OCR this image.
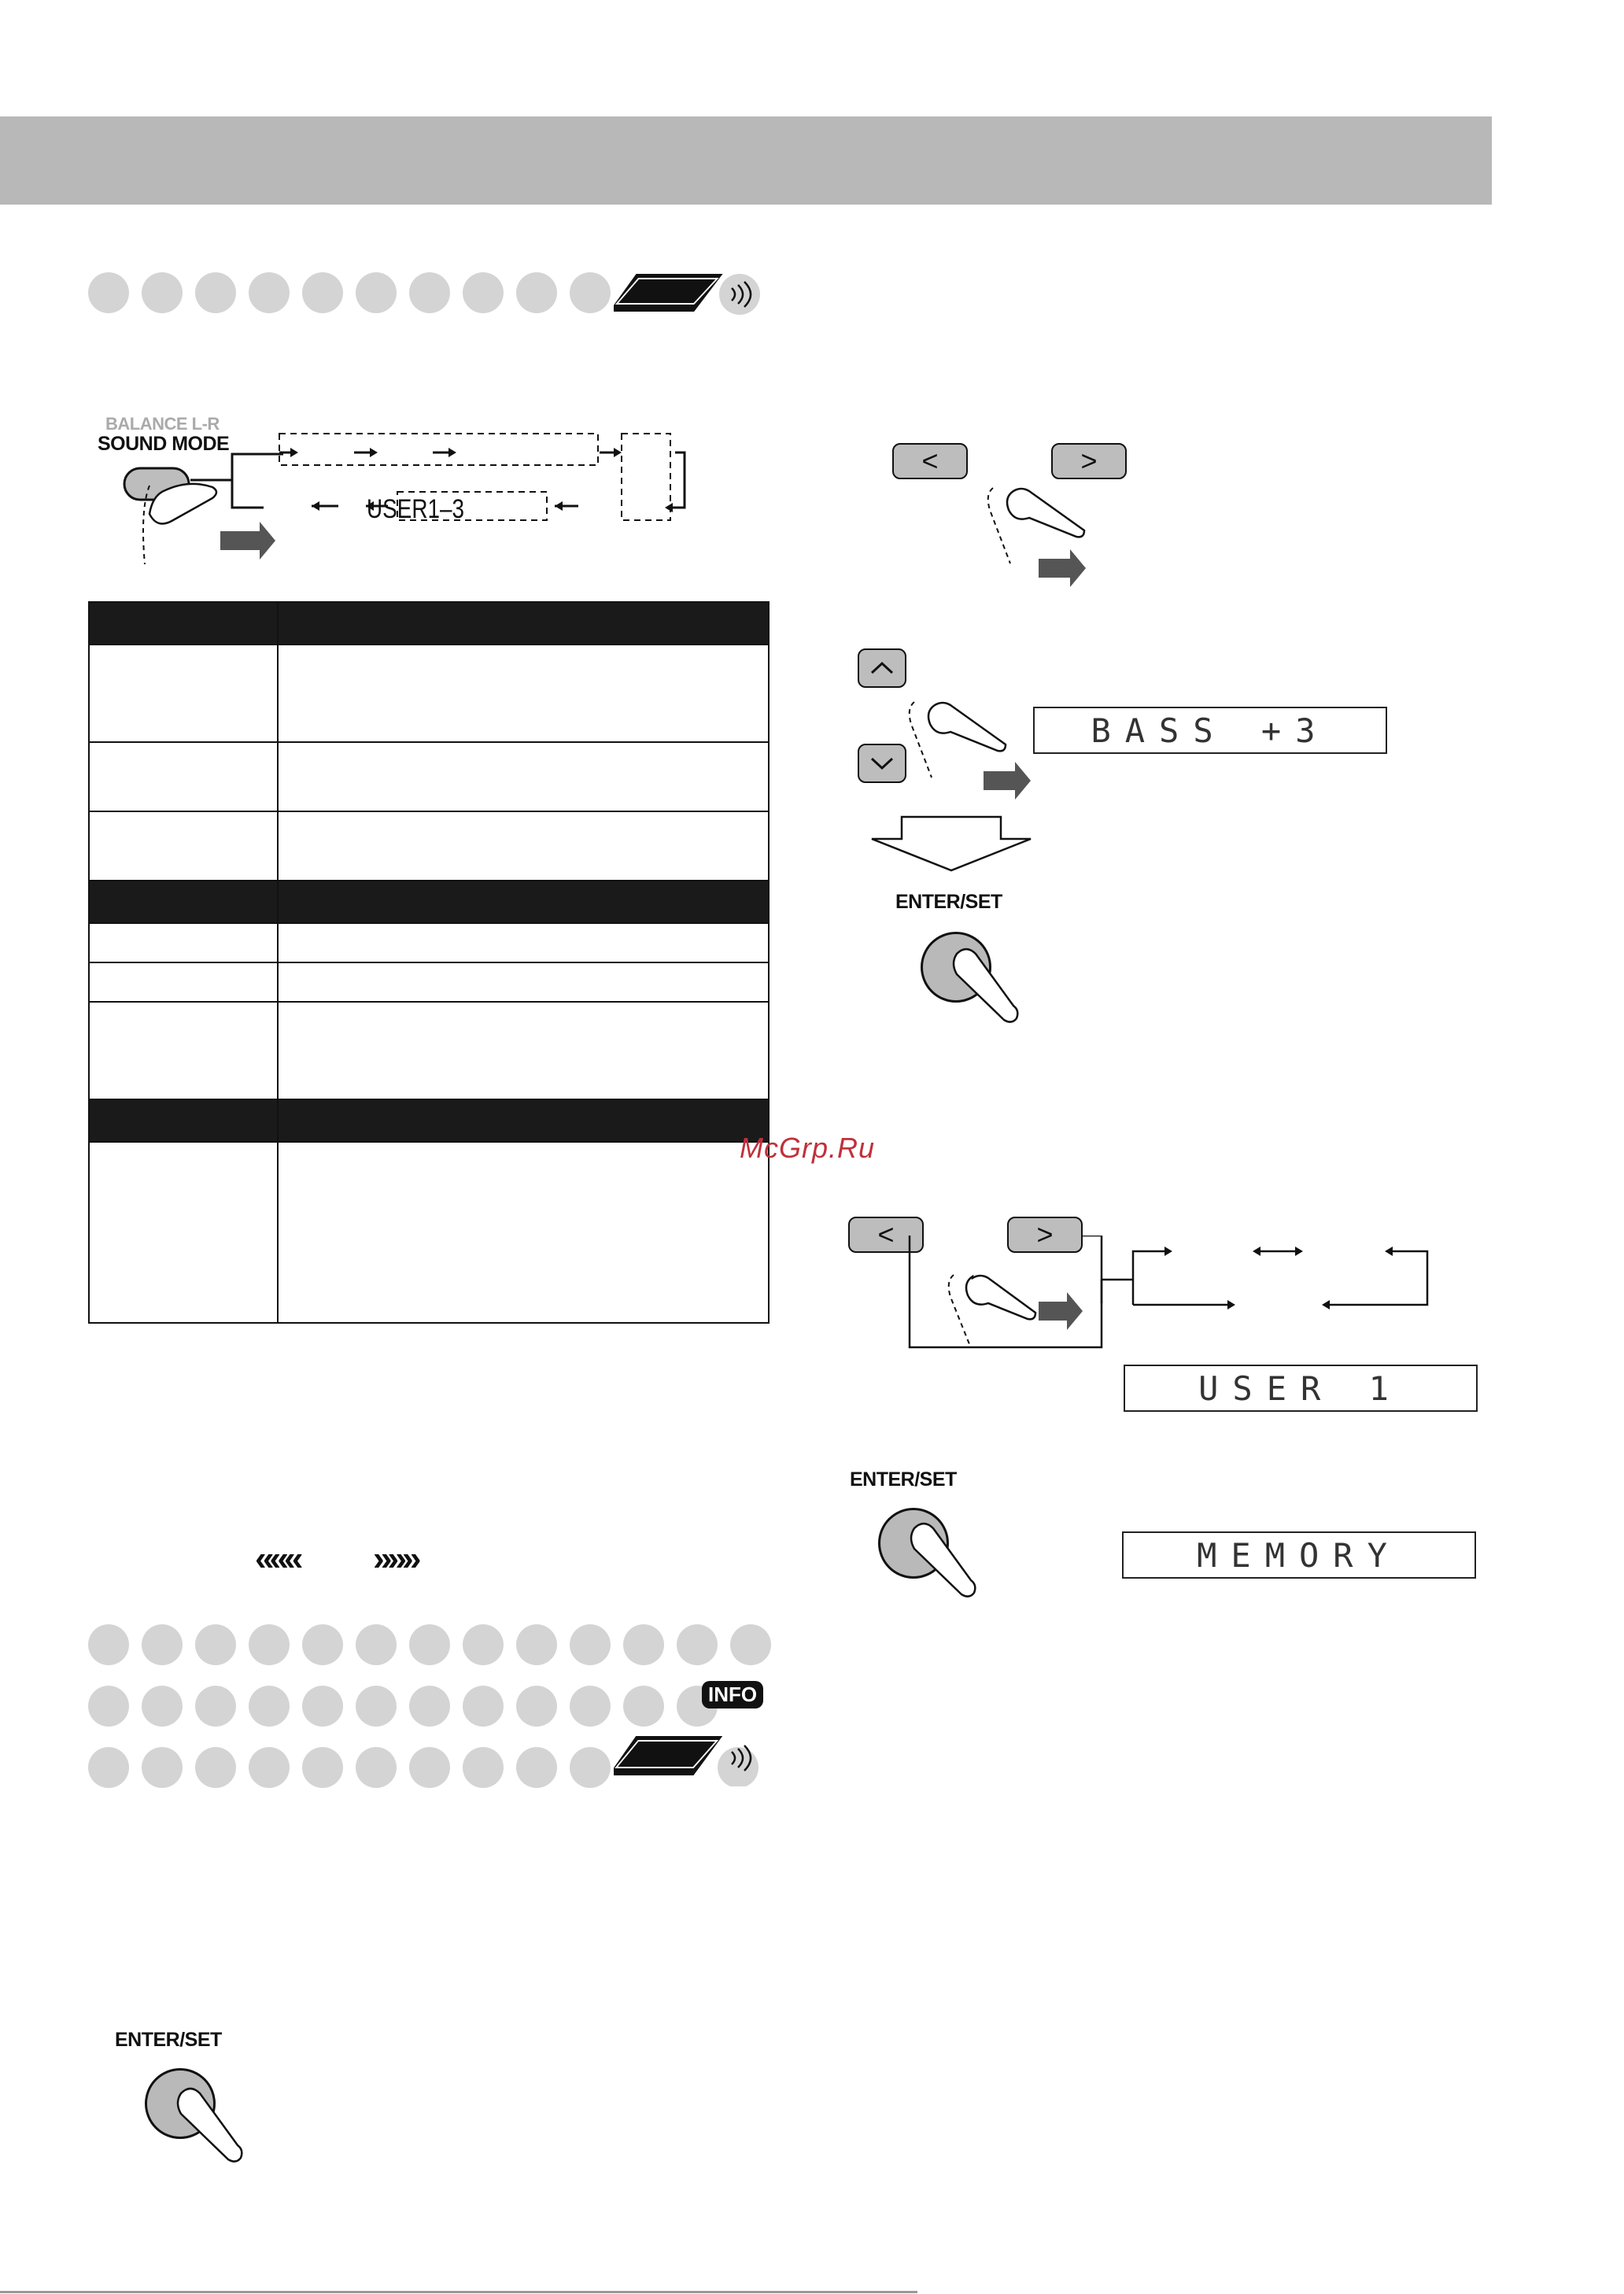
BALANCE L-R
SOUND MODE
USER1–3

««« »»»
INFO
ENTER/SET
<	>
BASS +3
ENTER/SET
McGrp.Ru
<	>
USER 1
ENTER/SET
MEMORY
